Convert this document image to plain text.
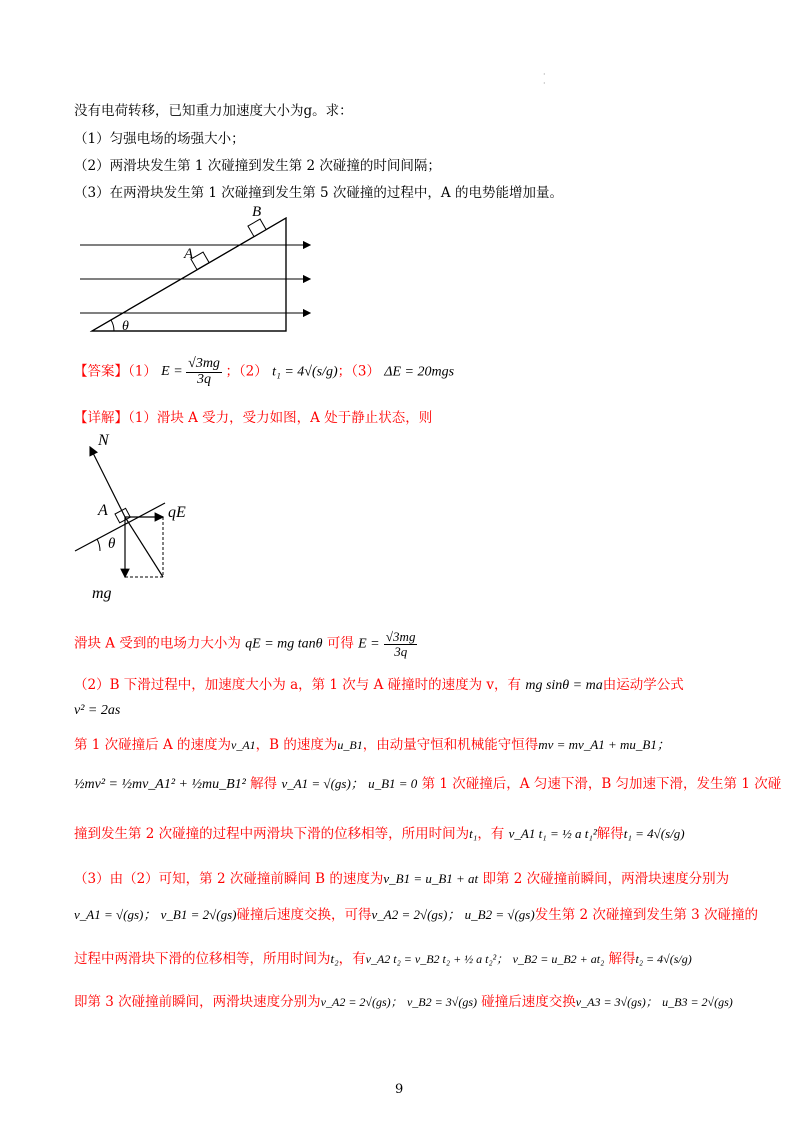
·
·
没有电荷转移，已知重力加速度大小为g。求：
（1）匀强电场的场强大小；
（2）两滑块发生第 1 次碰撞到发生第 2 次碰撞的时间间隔；
（3）在两滑块发生第 1 次碰撞到发生第 5 次碰撞的过程中，A 的电势能增加量。
B
A
θ
【答案】（1） $E = \frac{√3mg}{3q}$ ；（2） t₁ = 4√(s/g)；（3） ΔE = 20mgs
【详解】（1）滑块 A 受力，受力如图，A 处于静止状态，则
N
A	qE
θ
mg
滑块 A 受到的电场力大小为 qE = mg tanθ 可得 $E = \frac{√3mg}{3q}$
（2）B 下滑过程中，加速度大小为 a，第 1 次与 A 碰撞时的速度为 v，有 mg sinθ = ma由运动学公式
v² = 2as
第 1 次碰撞后 A 的速度为v_A1，B 的速度为u_B1，由动量守恒和机械能守恒得mv = mv_A1 + mu_B1；
½mv² = ½mv_A1² + ½mu_B1² 解得 v_A1 = √(gs)； u_B1 = 0 第 1 次碰撞后，A 匀速下滑，B 匀加速下滑，发生第 1 次碰
撞到发生第 2 次碰撞的过程中两滑块下滑的位移相等，所用时间为t₁，有 v_A1 t₁ = ½ a t₁²解得t₁ = 4√(s/g)
（3）由（2）可知，第 2 次碰撞前瞬间 B 的速度为v_B1 = u_B1 + at 即第 2 次碰撞前瞬间，两滑块速度分别为
v_A1 = √(gs)； v_B1 = 2√(gs)碰撞后速度交换，可得v_A2 = 2√(gs)； u_B2 = √(gs)发生第 2 次碰撞到发生第 3 次碰撞的
过程中两滑块下滑的位移相等，所用时间为t₂，有v_A2 t₂ = v_B2 t₂ + ½ a t₂²； v_B2 = u_B2 + at₂ 解得t₂ = 4√(s/g)
即第 3 次碰撞前瞬间，两滑块速度分别为v_A2 = 2√(gs)； v_B2 = 3√(gs) 碰撞后速度交换v_A3 = 3√(gs)； u_B3 = 2√(gs)
9
